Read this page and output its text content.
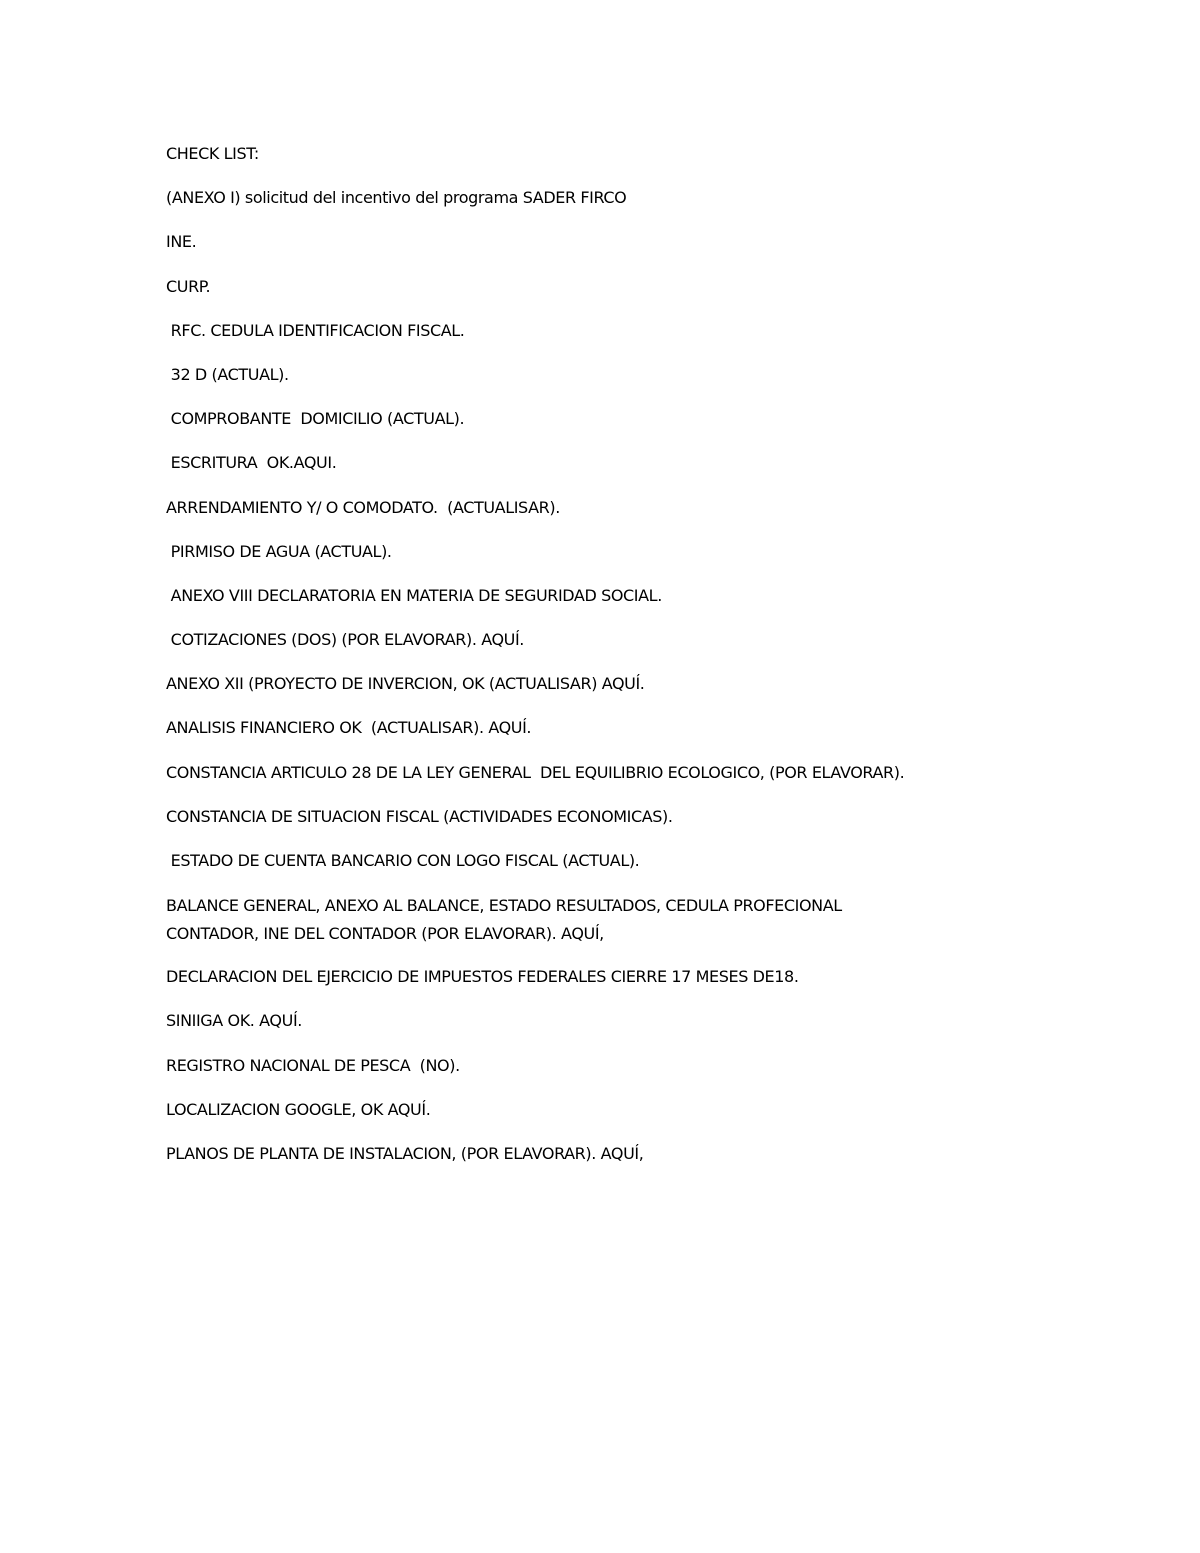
CHECK LIST:
(ANEXO I) solicitud del incentivo del programa SADER FIRCO
INE.
CURP.
RFC. CEDULA IDENTIFICACION FISCAL.
32 D (ACTUAL).
COMPROBANTE  DOMICILIO (ACTUAL).
ESCRITURA  OK.AQUI.
ARRENDAMIENTO Y/ O COMODATO.  (ACTUALISAR).
PIRMISO DE AGUA (ACTUAL).
ANEXO VIII DECLARATORIA EN MATERIA DE SEGURIDAD SOCIAL.
COTIZACIONES (DOS) (POR ELAVORAR). AQUÍ.
ANEXO XII (PROYECTO DE INVERCION, OK (ACTUALISAR) AQUÍ.
ANALISIS FINANCIERO OK  (ACTUALISAR). AQUÍ.
CONSTANCIA ARTICULO 28 DE LA LEY GENERAL  DEL EQUILIBRIO ECOLOGICO, (POR ELAVORAR).
CONSTANCIA DE SITUACION FISCAL (ACTIVIDADES ECONOMICAS).
ESTADO DE CUENTA BANCARIO CON LOGO FISCAL (ACTUAL).
BALANCE GENERAL, ANEXO AL BALANCE, ESTADO RESULTADOS, CEDULA PROFECIONAL
CONTADOR, INE DEL CONTADOR (POR ELAVORAR). AQUÍ,
DECLARACION DEL EJERCICIO DE IMPUESTOS FEDERALES CIERRE 17 MESES DE18.
SINIIGA OK. AQUÍ.
REGISTRO NACIONAL DE PESCA  (NO).
LOCALIZACION GOOGLE, OK AQUÍ.
PLANOS DE PLANTA DE INSTALACION, (POR ELAVORAR). AQUÍ,
